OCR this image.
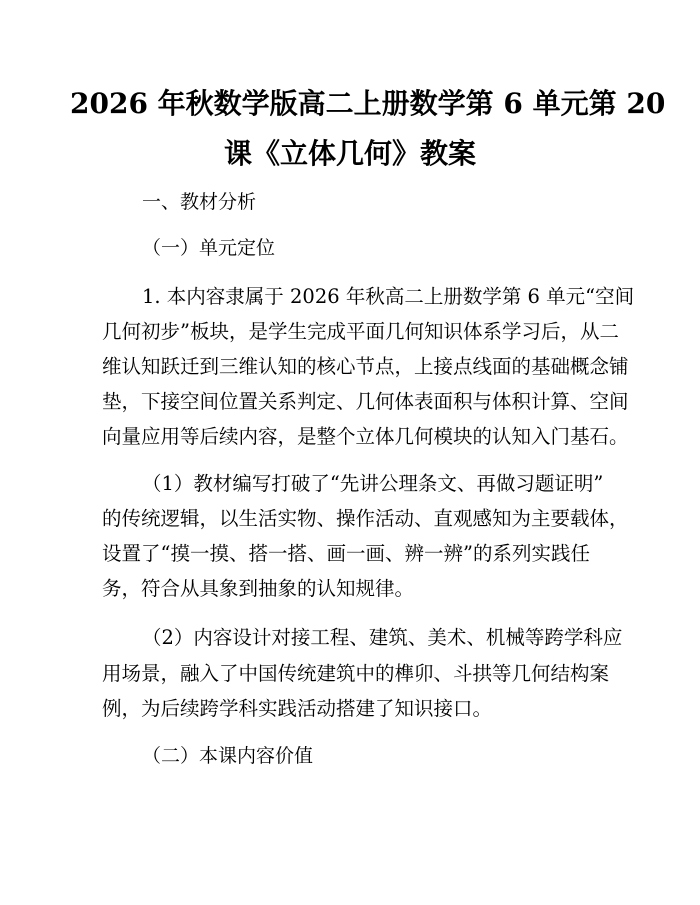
2026 年秋数学版高二上册数学第 6 单元第 20
课《立体几何》教案
一、教材分析
（一）单元定位
1. 本内容隶属于 2026 年秋高二上册数学第 6 单元“空间
几何初步”板块，是学生完成平面几何知识体系学习后，从二
维认知跃迁到三维认知的核心节点，上接点线面的基础概念铺
垫，下接空间位置关系判定、几何体表面积与体积计算、空间
向量应用等后续内容，是整个立体几何模块的认知入门基石。
（1）教材编写打破了“先讲公理条文、再做习题证明”
的传统逻辑，以生活实物、操作活动、直观感知为主要载体，
设置了“摸一摸、搭一搭、画一画、辨一辨”的系列实践任
务，符合从具象到抽象的认知规律。
（2）内容设计对接工程、建筑、美术、机械等跨学科应
用场景，融入了中国传统建筑中的榫卯、斗拱等几何结构案
例，为后续跨学科实践活动搭建了知识接口。
（二）本课内容价值
